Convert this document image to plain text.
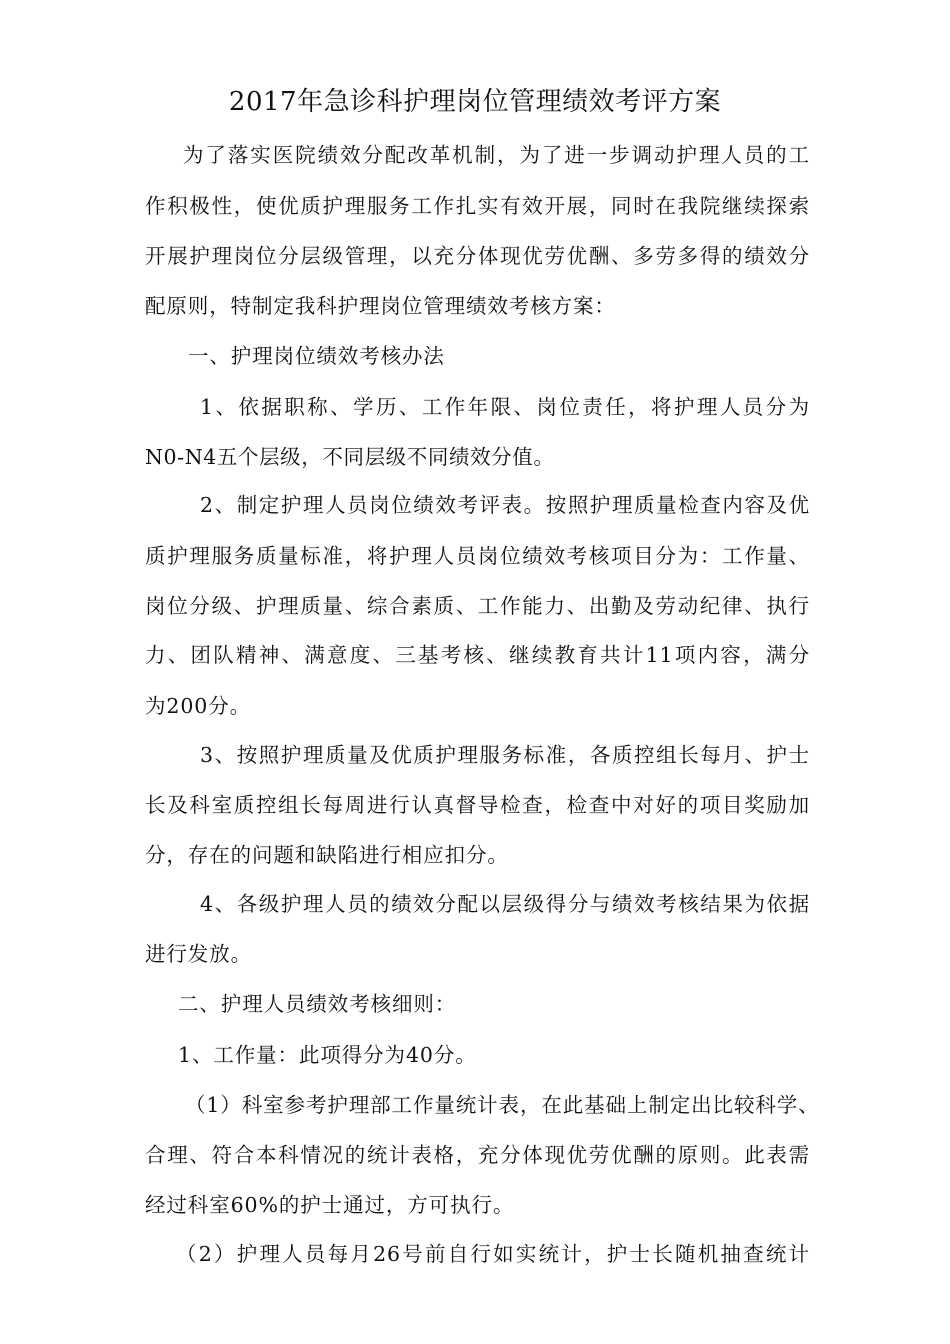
2017年急诊科护理岗位管理绩效考评方案
为了落实医院绩效分配改革机制，为了进一步调动护理人员的工
作积极性，使优质护理服务工作扎实有效开展，同时在我院继续探索
开展护理岗位分层级管理，以充分体现优劳优酬、多劳多得的绩效分
配原则，特制定我科护理岗位管理绩效考核方案：
一、护理岗位绩效考核办法
1、依据职称、学历、工作年限、岗位责任，将护理人员分为
N0-N4五个层级，不同层级不同绩效分值。
2、制定护理人员岗位绩效考评表。按照护理质量检查内容及优
质护理服务质量标准，将护理人员岗位绩效考核项目分为：工作量、
岗位分级、护理质量、综合素质、工作能力、出勤及劳动纪律、执行
力、团队精神、满意度、三基考核、继续教育共计11项内容，满分
为200分。
3、按照护理质量及优质护理服务标准，各质控组长每月、护士
长及科室质控组长每周进行认真督导检查，检查中对好的项目奖励加
分，存在的问题和缺陷进行相应扣分。
4、各级护理人员的绩效分配以层级得分与绩效考核结果为依据
进行发放。
二、护理人员绩效考核细则：
1、工作量：此项得分为40分。
（1）科室参考护理部工作量统计表，在此基础上制定出比较科学、
合理、符合本科情况的统计表格，充分体现优劳优酬的原则。此表需
经过科室60%的护士通过，方可执行。
（2）护理人员每月26号前自行如实统计，护士长随机抽查统计
